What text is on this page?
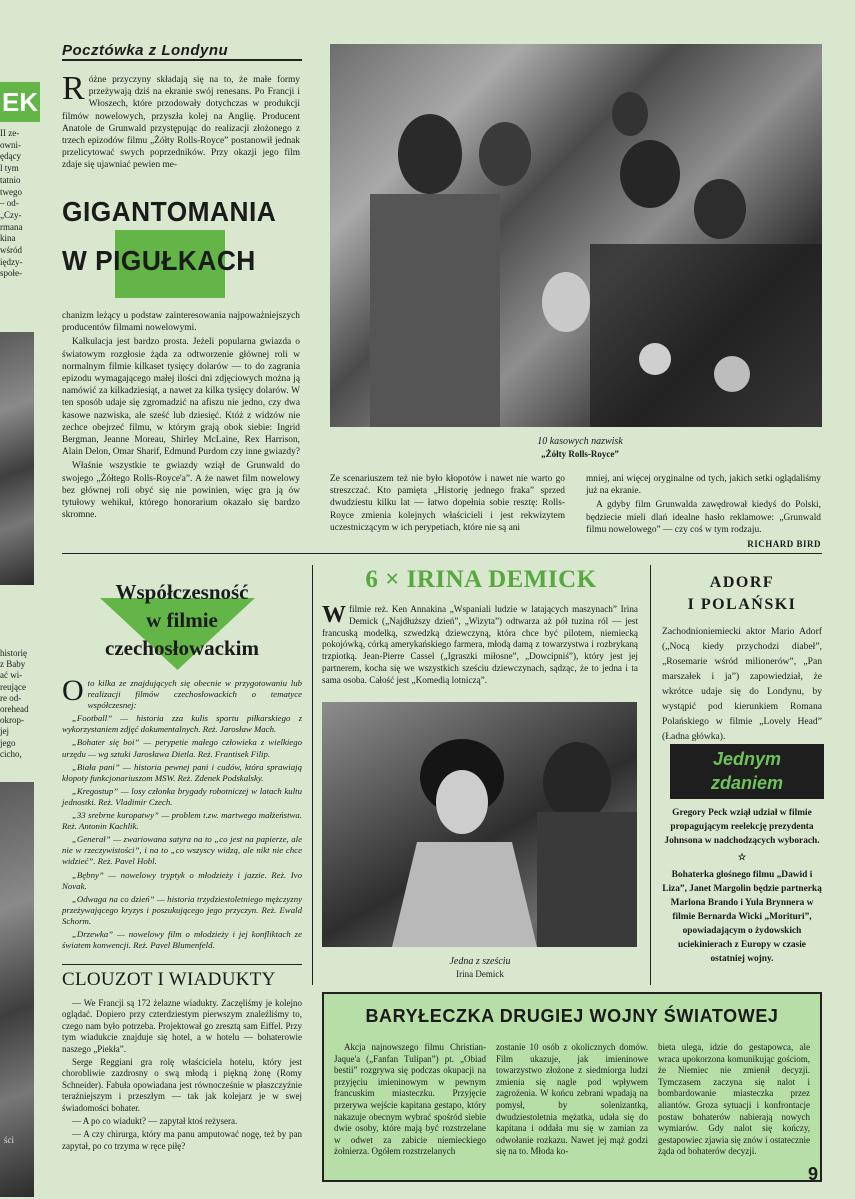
ЕK
II ze-
owni-
ędący
l tym
tatnio
twego
– od-
„Czy-
rmana
kina
wśród
iędzy-
społe-
historię
z Baby
ać wi-
reujące
re od-
orehead
okrop-
jej
jego
cicho,
ści
Pocztówka z Londynu
Różne przyczyny składają się na to, że małe formy przeżywają dziś na ekranie swój renesans. Po Francji i Włoszech, które przodowały dotychczas w produkcji filmów nowelowych, przyszła kolej na Anglię. Producent Anatole de Grunwald przystępując do realizacji złożonego z trzech epizodów filmu „Żółty Rolls-Royce” postanowił jednak przelicytować swych poprzedników. Przy okazji jego film zdaje się ujawniać pewien me-
GIGANTOMANIA
W PIGUŁKACH

chanizm leżący u podstaw zainteresowania najpoważniejszych producentów filmami nowelowymi.

Kalkulacja jest bardzo prosta. Jeżeli popularna gwiazda o światowym rozgłosie żąda za odtworzenie głównej roli w normalnym filmie kilkaset tysięcy dolarów — to do zagrania epizodu wymagającego małej ilości dni zdjęciowych można ją namówić za kilkadziesiąt, a nawet za kilka tysięcy dolarów. W ten sposób udaje się zgromadzić na afiszu nie jedno, czy dwa kasowe nazwiska, ale sześć lub dziesięć. Któż z widzów nie zechce obejrzeć filmu, w którym grają obok siebie: Ingrid Bergman, Jeanne Moreau, Shirley McLaine, Rex Harrison, Alain Delon, Omar Sharif, Edmund Purdom czy inne gwiazdy?

Właśnie wszystkie te gwiazdy wziął de Grunwald do swojego „Żółtego Rolls-Royce'a”. A że nawet film nowelowy bez głównej roli obyć się nie powinien, więc gra ją ów tytułowy wehikuł, którego honorarium okazało się bardzo skromne.

10 kasowych nazwisk
„Żółty Rolls-Royce”
Ze scenariuszem też nie było kłopotów i nawet nie warto go streszczać. Kto pamięta „Historię jednego fraka” sprzed dwudziestu kilku lat — łatwo dopełnia sobie resztę: Rolls-Royce zmienia kolejnych właścicieli i jest rekwizytem uczestniczącym w ich perypetiach, które nie są ani

mniej, ani więcej oryginalne od tych, jakich setki oglądaliśmy już na ekranie.

A gdyby film Grunwalda zawędrował kiedyś do Polski, będziecie mieli dlań idealne hasło reklamowe: „Grunwald filmu nowelowego” — czy coś w tym rodzaju.

RICHARD BIRD
Współczesność
w filmie
czechosłowackim
O to kilka ze znajdujących się obecnie w przygotowaniu lub realizacji filmów czechosłowackich o tematyce współczesnej:

„Football” — historia zza kulis sportu piłkarskiego z wykorzystaniem zdjęć dokumentalnych. Reż. Jarosław Mach.

„Bohater się boi” — perypetie małego człowieka z wielkiego urzędu — wg sztuki Jarosława Dietla. Reż. Frantisek Filip.

„Biała pani” — historia pewnej pani i cudów, która sprawiają kłopoty funkcjonariuszom MSW. Reż. Zdenek Podskalsky.

„Kregostup” — losy członka brygady robotniczej w latach kultu jednostki. Reż. Vladimir Czech.

„33 srebrne kuropatwy” — problem t.zw. martwego małżeństwa. Reż. Antonin Kachlik.

„Generał” — zwariowana satyra na to „co jest na papierze, ale nie w rzeczywistości”, i na to „co wszyscy widzą, ale nikt nie chce widzieć”. Reż. Pavel Hobl.

„Bębny” — nowelowy tryptyk o młodzieży i jazzie. Reż. Ivo Novak.

„Odwaga na co dzień” — historia trzydziestoletniego mężczyzny przeżywającego kryzys i poszukującego jego przyczyn. Reż. Ewald Schorm.

„Drzewka” — nowelowy film o młodzieży i jej konfliktach ze światem konwencji. Reż. Pavel Blumenfeld.

CLOUZOT I WIADUKTY

— We Francji są 172 żelazne wiadukty. Zaczęliśmy je kolejno oglądać. Dopiero przy czterdziestym pierwszym znaleźliśmy to, czego nam było potrzeba. Projektował go zresztą sam Eiffel. Przy tym wiadukcie znajduje się hotel, a w hotelu — bohaterowie naszego „Piekła”.

Serge Reggiani gra rolę właściciela hotelu, który jest chorobliwie zazdrosny o swą młodą i piękną żonę (Romy Schneider). Fabuła opowiadana jest równocześnie w płaszczyźnie teraźniejszym i przeszłym — tak jak kolejarz je w swej świadomości bohater.

— A po co wiadukt? — zapytał ktoś reżysera.

— A czy chirurga, który ma panu amputować nogę, też by pan zapytał, po co trzyma w ręce piłę?

6 × IRINA DEMICK
Wfilmie reż. Ken Annakina „Wspaniali ludzie w latających maszynach” Irina Demick („Najdłuższy dzień”, „Wizyta”) odtwarza aż pół tuzina ról — jest francuską modelką, szwedzką dziewczyną, która chce być pilotem, niemiecką pokojówką, córką amerykańskiego farmera, młodą damą z towarzystwa i rozbrykaną trzpiotką. Jean-Pierre Cassel („Igraszki miłosne”, „Dowcipniś”), który jest jej partnerem, kocha się we wszystkich sześciu dziewczynach, sądząc, że to jedna i ta sama osoba. Całość jest „Komedią lotniczą”.
Jedna z sześciu
Irina Demick
ADORF
I POLAŃSKI
Zachodnioniemiecki aktor Mario Adorf („Nocą kiedy przychodzi diabeł”, „Rosemarie wśród milionerów”, „Pan marszałek i ja”) zapowiedział, że wkrótce udaje się do Londynu, by wystąpić pod kierunkiem Romana Polańskiego w filmie „Lovely Head” (Ładna główka).
Jednym
zdaniem
Gregory Peck wziął udział w filmie propagującym reelekcję prezydenta Johnsona w nadchodzących wyborach.
☆
Bohaterka głośnego filmu „Dawid i Liza”, Janet Margolin będzie partnerką Marlona Brando i Yula Brynnera w filmie Bernarda Wicki „Morituri”, opowiadającym o żydowskich uciekinierach z Europy w czasie ostatniej wojny.
BARYŁECZKA DRUGIEJ WOJNY ŚWIATOWEJ
Akcja najnowszego filmu Christian-Jaque'a („Fanfan Tulipan”) pt. „Obiad bestii” rozgrywa się podczas okupacji na przyjęciu imieninowym w pewnym francuskim miasteczku. Przyjęcie przerywa wejście kapitana gestapo, który nakazuje obecnym wybrać spośród siebie dwie osoby, które mają być rozstrzelane w odwet za zabicie niemieckiego żołnierza. Ogółem rozstrzelanych
zostanie 10 osób z okolicznych domów. Film ukazuje, jak imieninowe towarzystwo złożone z siedmiorga ludzi zmienia się nagle pod wpływem zagrożenia. W końcu zebrani wpadają na pomysł, by solenizantką, dwudziestoletnia mężatka, udała się do kapitana i oddała mu się w zamian za odwołanie rozkazu. Nawet jej mąż godzi się na to. Młoda ko-
bieta ulega, idzie do gestapowca, ale wraca upokorzona komunikując gościom, że Niemiec nie zmienił decyzji. Tymczasem zaczyna się nalot i bombardowanie miasteczka przez aliantów. Groza sytuacji i konfrontacje postaw bohaterów nabierają nowych wymiarów. Gdy nalot się kończy, gestapowiec zjawia się znów i ostatecznie żąda od bohaterów decyzji.
9
